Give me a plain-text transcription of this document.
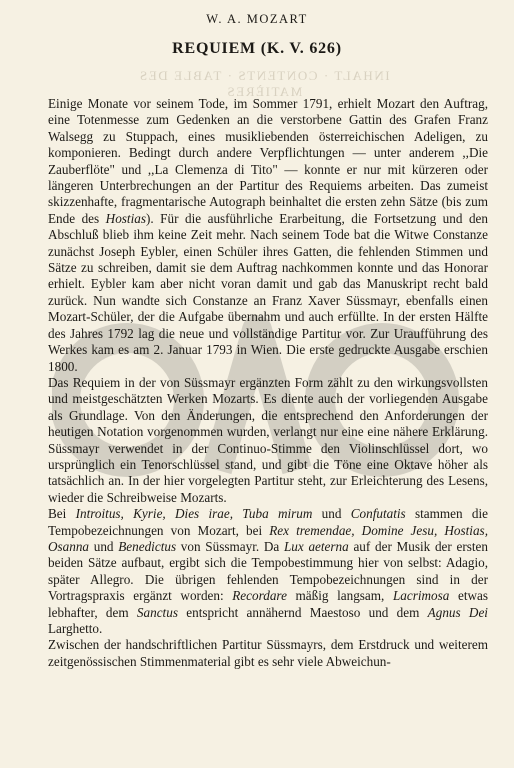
INHALT · CONTENTS · TABLE DES MATIÈRES
W. A. MOZART
REQUIEM (K. V. 626)

Einige Monate vor seinem Tode, im Sommer 1791, erhielt Mozart den Auftrag, eine Totenmesse zum Gedenken an die verstorbene Gattin des Grafen Franz Walsegg zu Stuppach, eines musikliebenden österreichischen Adeligen, zu komponieren. Bedingt durch andere Verpflichtungen — unter anderem ,,Die Zauberflöte" und ,,La Clemenza di Tito" — konnte er nur mit kürzeren oder längeren Unterbrechungen an der Partitur des Requiems arbeiten. Das zumeist skizzenhafte, fragmentarische Autograph beinhaltet die ersten zehn Sätze (bis zum Ende des Hostias). Für die ausführliche Erarbeitung, die Fortsetzung und den Abschluß blieb ihm keine Zeit mehr. Nach seinem Tode bat die Witwe Constanze zunächst Joseph Eybler, einen Schüler ihres Gatten, die fehlenden Stimmen und Sätze zu schreiben, damit sie dem Auftrag nachkommen konnte und das Honorar erhielt. Eybler kam aber nicht voran damit und gab das Manuskript recht bald zurück. Nun wandte sich Constanze an Franz Xaver Süssmayr, ebenfalls einen Mozart-Schüler, der die Aufgabe übernahm und auch erfüllte. In der ersten Hälfte des Jahres 1792 lag die neue und vollständige Partitur vor. Zur Uraufführung des Werkes kam es am 2. Januar 1793 in Wien. Die erste gedruckte Ausgabe erschien 1800.

Das Requiem in der von Süssmayr ergänzten Form zählt zu den wirkungsvollsten und meistgeschätzten Werken Mozarts. Es diente auch der vorliegenden Ausgabe als Grundlage. Von den Änderungen, die entsprechend den Anforderungen der heutigen Notation vorgenommen wurden, verlangt nur eine eine nähere Erklärung. Süssmayr verwendet in der Continuo-Stimme den Violinschlüssel dort, wo ursprünglich ein Tenorschlüssel stand, und gibt die Töne eine Oktave höher als tatsächlich an. In der hier vorgelegten Partitur steht, zur Erleichterung des Lesens, wieder die Schreibweise Mozarts.

Bei Introitus, Kyrie, Dies irae, Tuba mirum und Confutatis stammen die Tempobezeichnungen von Mozart, bei Rex tremendae, Domine Jesu, Hostias, Osanna und Benedictus von Süssmayr. Da Lux aeterna auf der Musik der ersten beiden Sätze aufbaut, ergibt sich die Tempobestimmung hier von selbst: Adagio, später Allegro. Die übrigen fehlenden Tempobezeichnungen sind in der Vortragspraxis ergänzt worden: Recordare mäßig langsam, Lacrimosa etwas lebhafter, dem Sanctus entspricht annähernd Maestoso und dem Agnus Dei Larghetto.

Zwischen der handschriftlichen Partitur Süssmayrs, dem Erstdruck und weiterem zeitgenössischen Stimmenmaterial gibt es sehr viele Abweichun-
